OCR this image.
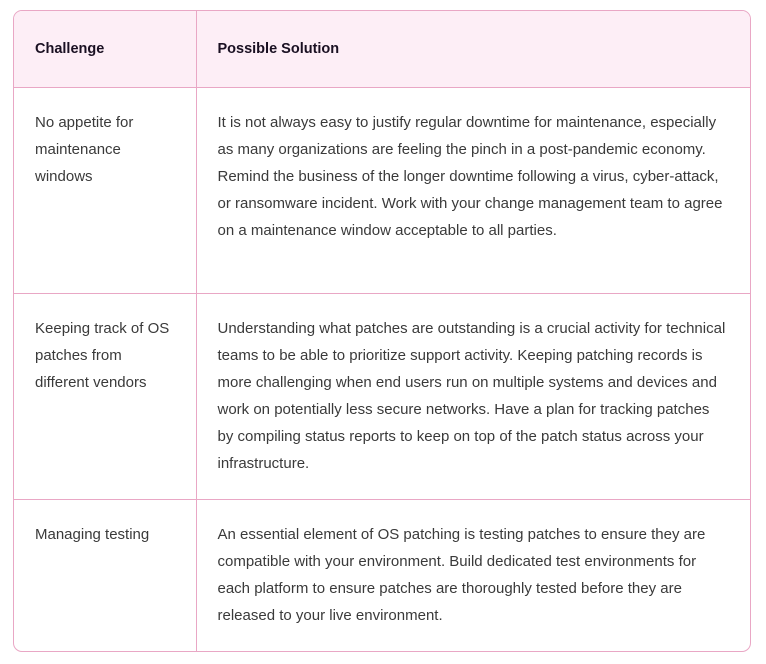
Challenge	Possible Solution
No appetite for maintenance windows	It is not always easy to justify regular downtime for maintenance, especially as many organizations are feeling the pinch in a post-pandemic economy. Remind the business of the longer downtime following a virus, cyber-attack, or ransomware incident. Work with your change management team to agree on a maintenance window acceptable to all parties.
Keeping track of OS patches from different vendors	Understanding what patches are outstanding is a crucial activity for technical teams to be able to prioritize support activity. Keeping patching records is more challenging when end users run on multiple systems and devices and work on potentially less secure networks. Have a plan for tracking patches by compiling status reports to keep on top of the patch status across your infrastructure.
Managing testing	An essential element of OS patching is testing patches to ensure they are compatible with your environment. Build dedicated test environments for each platform to ensure patches are thoroughly tested before they are released to your live environment.
